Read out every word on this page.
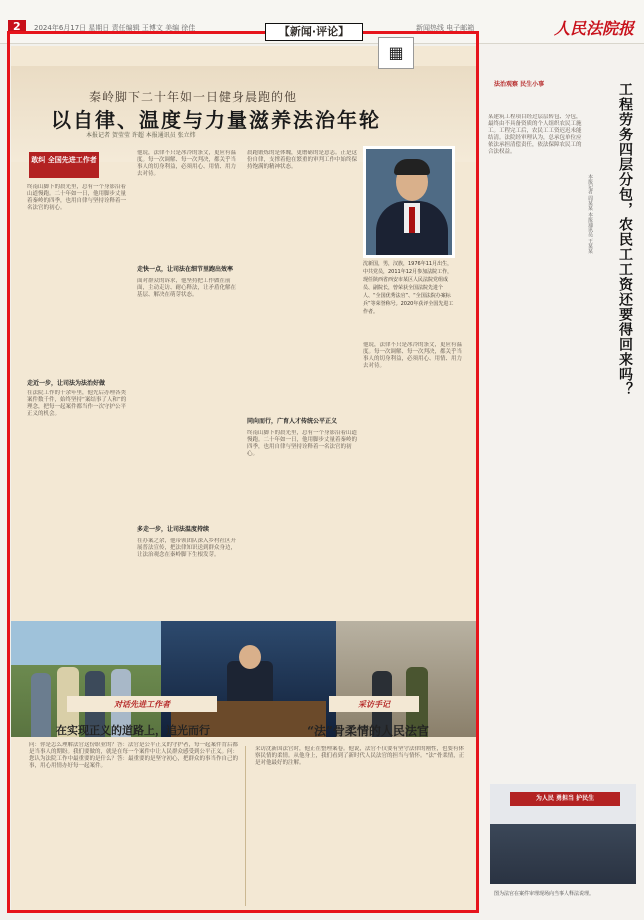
2	2024年6月17日 星期日 责任编辑 王博文 美编 徐佳	新闻热线 电子邮箱	人民法院报
秦岭脚下二十年如一日健身晨跑的他
以自律、温度与力量滋养法治年轮
本报记者 贺莹莹 许超 本报通讯员 张立炜
敢纠 全国先进工作者
沈新国，男，汉族，1976年11月出生，中共党员，2011年12月参加法院工作，现任陕西省西安市某区人民法院党组成员、副院长，曾荣获全国法院先进个人、“全国优秀法官”、“全国法院办案标兵”等荣誉称号。2020年获评全国先进工作者。
终南山脚下的晨光里，总有一个身影沿着山道慢跑。二十年如一日，他用脚步丈量着秦岭的四季，也用自律与坚持诠释着一名法官的初心。
走近一步，让司法为法治好做
在法院工作的十余年里，他先后办理各类案件数千件，始终坚持“案结事了人和”的理念，把每一起案件都当作一次守护公平正义的机会。
他说，法律不只是冰冷的条文，更应有温度。每一次调解、每一次判决，都关乎当事人的切身利益，必须用心、用情、用力去对待。
走快一点，让司法在细节里跑出效率
面对群众的诉求，他坚持把工作做在前面，主动走访、耐心释法，让矛盾化解在基层、解决在萌芽状态。
多走一步，让司法温度持续
在办案之余，他带领团队深入乡村社区开展普法宣传，把法律知识送到群众身边，让法治观念在秦岭脚下生根发芽。
晨跑锻炼的是体魄，更磨砺的是意志。正是这份自律，支撑着他在繁重的审判工作中始终保持饱满的精神状态。
同向而行，广育人才传统公平正义
终南山脚下的晨光里，总有一个身影沿着山道慢跑。二十年如一日，他用脚步丈量着秦岭的四季，也用自律与坚持诠释着一名法官的初心。
他说，法律不只是冰冷的条文，更应有温度。每一次调解、每一次判决，都关乎当事人的切身利益，必须用心、用情、用力去对待。
对话先进工作者
在实现正义的道路上，追光而行
问：你是怎么理解法官这份职业的？答：法官是公平正义的守护者，每一起案件背后都是当事人的期盼。我们要做的，就是在每一个案件中让人民群众感受到公平正义。问：您认为法院工作中最重要的是什么？答：最重要的是坚守初心，把群众的事当作自己的事，用心用情办好每一起案件。
采访手记
“法”骨柔情的人民法官
采访沈新国法官时，他正在整理案卷。他说，法官不仅要有坚守法律的刚性，也要有体察民情的柔情。从他身上，我们看到了新时代人民法官的担当与情怀。“法”骨柔情，正是对他最好的注解。
【新闻·评论】
▦
法治观察 民生小事	工程劳务四层分包，农民工工资还要得回来吗？
本报记者 周某某 本报通讯员 王某某
某建筑工程项目经过层层转包、分包，最终由不具备资质的个人组织农民工施工。工程完工后，农民工工资迟迟未能结清。法院经审理认为，总承包单位应依法承担清偿责任，依法保障农民工的合法权益。
为人民 勇担当 护民生
图为法官在案件审理现场向当事人释法说理。
